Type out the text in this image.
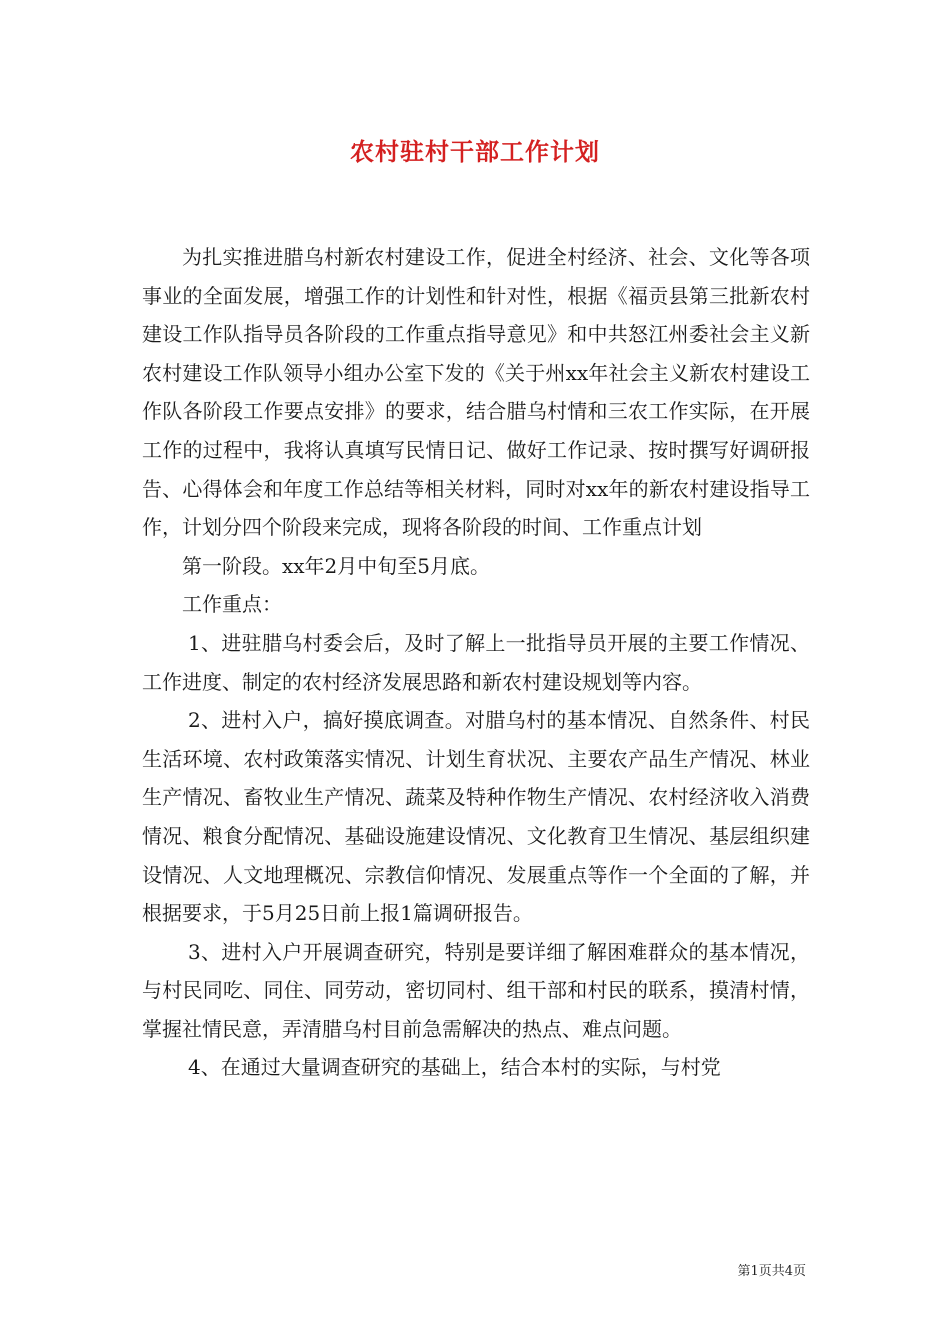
农村驻村干部工作计划

为扎实推进腊乌村新农村建设工作，促进全村经济、社会、文化等各项事业的全面发展，增强工作的计划性和针对性，根据《福贡县第三批新农村建设工作队指导员各阶段的工作重点指导意见》和中共怒江州委社会主义新农村建设工作队领导小组办公室下发的《关于州xx年社会主义新农村建设工作队各阶段工作要点安排》的要求，结合腊乌村情和三农工作实际，在开展工作的过程中，我将认真填写民情日记、做好工作记录、按时撰写好调研报告、心得体会和年度工作总结等相关材料，同时对xx年的新农村建设指导工作，计划分四个阶段来完成，现将各阶段的时间、工作重点计划

第一阶段。xx年2月中旬至5月底。

工作重点：

1、进驻腊乌村委会后，及时了解上一批指导员开展的主要工作情况、工作进度、制定的农村经济发展思路和新农村建设规划等内容。

2、进村入户，搞好摸底调查。对腊乌村的基本情况、自然条件、村民生活环境、农村政策落实情况、计划生育状况、主要农产品生产情况、林业生产情况、畜牧业生产情况、蔬菜及特种作物生产情况、农村经济收入消费情况、粮食分配情况、基础设施建设情况、文化教育卫生情况、基层组织建设情况、人文地理概况、宗教信仰情况、发展重点等作一个全面的了解，并根据要求，于5月25日前上报1篇调研报告。

3、进村入户开展调查研究，特别是要详细了解困难群众的基本情况，与村民同吃、同住、同劳动，密切同村、组干部和村民的联系，摸清村情，掌握社情民意，弄清腊乌村目前急需解决的热点、难点问题。

4、在通过大量调查研究的基础上，结合本村的实际，与村党

第1页共4页
